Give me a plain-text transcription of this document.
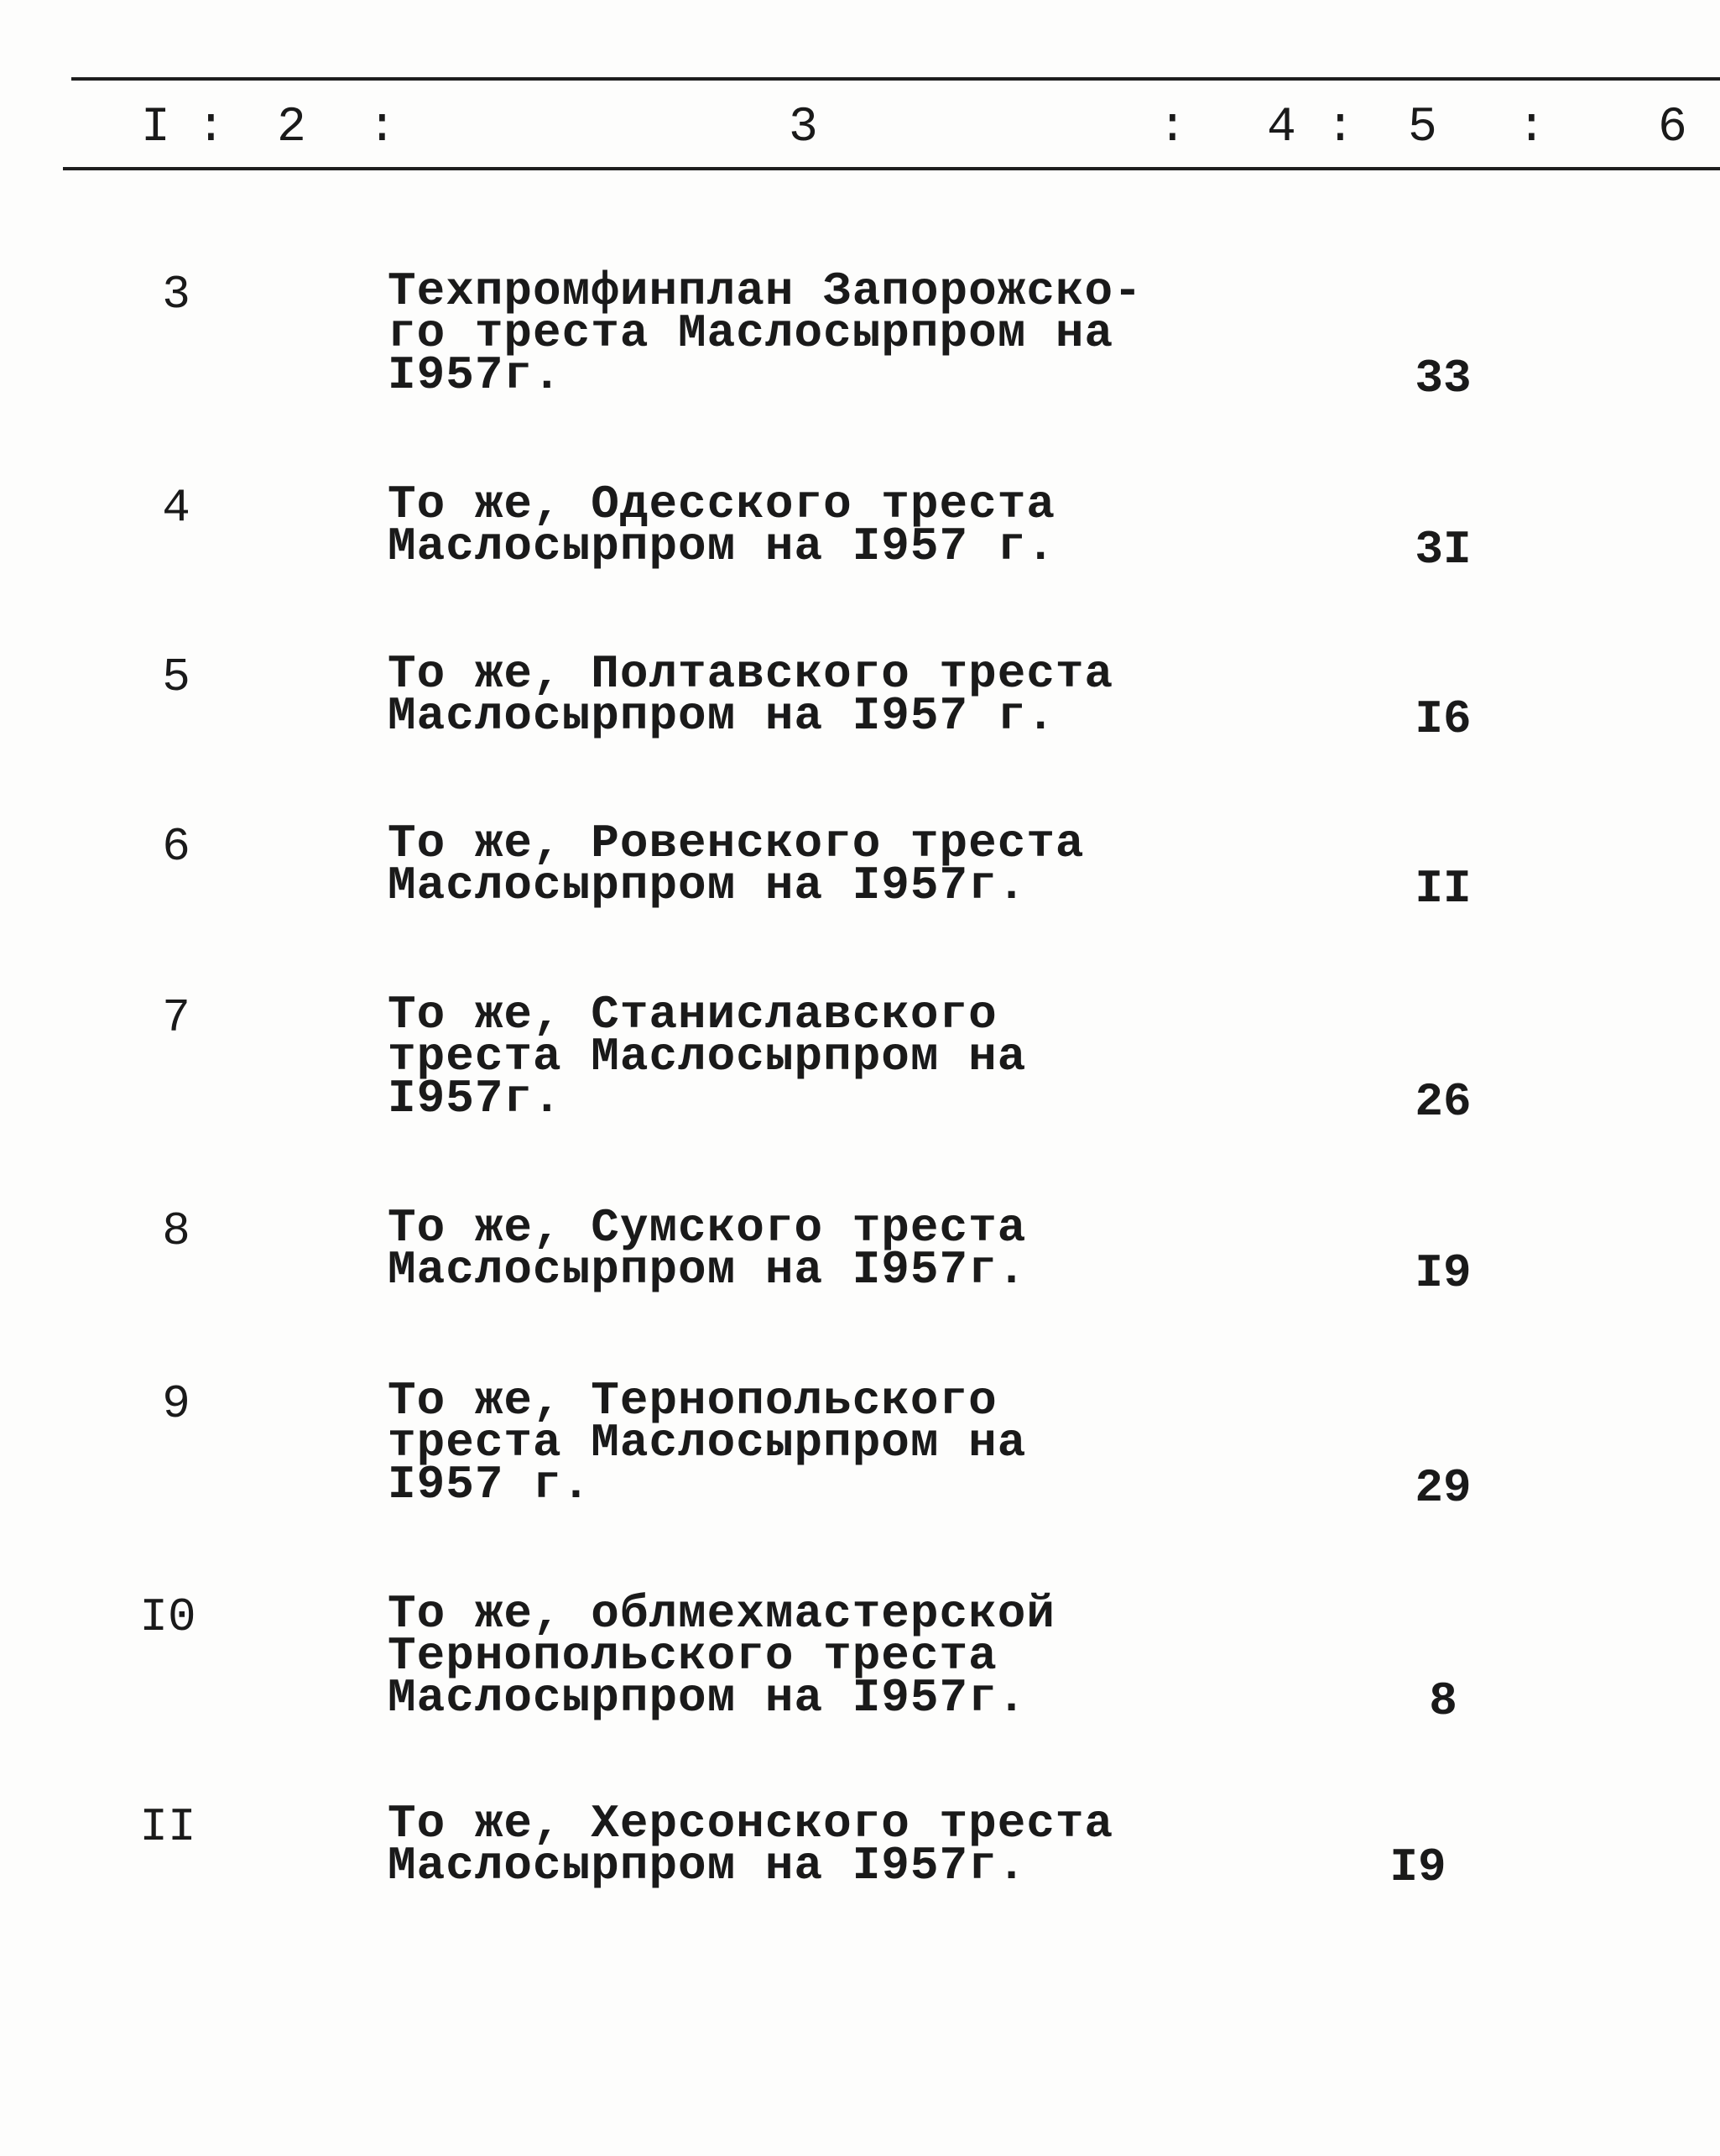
I : 2 :	3	: 4 : 5 : 6
3	Техпромфинплан Запорожско-
го треста Маслосырпром на
I957г.	33
4	То же, Одесского треста
Маслосырпром на I957 г.	3I
5	То же, Полтавского треста
Маслосырпром на I957 г.	I6
6	То же, Ровенского треста
Маслосырпром на I957г.	II
7	То же, Станиславского
треста Маслосырпром на
I957г.	26
8	То же, Сумского треста
Маслосырпром на I957г.	I9
9	То же, Тернопольского
треста Маслосырпром на
I957 г.	29
I0	То же, облмехмастерской
Тернопольского треста
Маслосырпром на I957г.	8
II	То же, Херсонского треста
Маслосырпром на I957г.	I9
